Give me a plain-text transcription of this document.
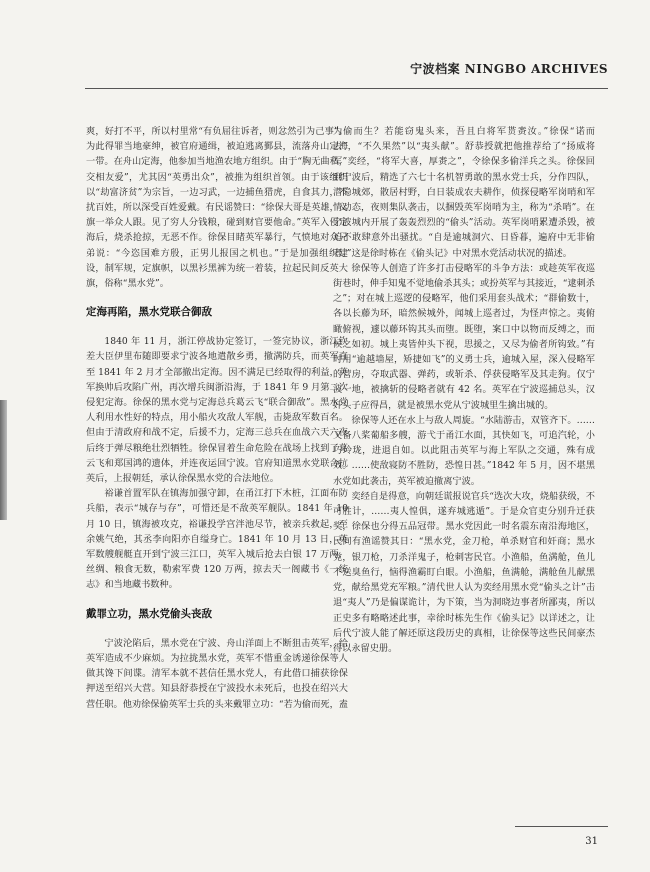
宁波档案 NINGBO ARCHIVES

爽，好打不平，所以村里常“有负屈往诉者，则忿然引为己事”。为此得罪当地豪绅，被官府通缉，被迫逃离鄞县，流落舟山定海一带。在舟山定海，他参加当地渔农地方组织。由于“胸无曲私，交相友爱”，尤其因“英勇出众”，被推为组织首领。由于该组织以“劫富济贫”为宗旨，一边习武，一边捕鱼猎虎，自食其力，不扰百姓，所以深受百姓爱戴。有民谣赞曰：“徐保大哥是英雄，义旗一举众人跟。见了穷人分钱粮，碰到财官要他命。”英军入侵定海后，烧杀抢掠，无恶不作。徐保目睹英军暴行，气愤地对众兄弟说：“今恣国难方殷，正男儿报国之机也。”于是加强组织建设，制军规，定旗帜，以黑衫黑裤为统一着装，拉起民间反英大旗，俗称“黑水党”。

定海再陷，黑水党联合御敌

1840 年 11 月，浙江停战协定签订，一签完协议，浙江钦差大臣伊里布随即要求宁波各地遣散乡勇，撤满防兵，而英军直至 1841 年 2 月才全部撤出定海。因不满足已经取得的利益，英军换帅后攻陷广州，再次增兵闽浙沿海，于 1841 年 9 月第二次侵犯定海。徐保的黑水党与定海总兵葛云飞“联合御敌”。黑水党人利用水性好的特点，用小船火攻敌人军舰，击毙敌军数百名。但由于清政府和战不定，后援不力，定海三总兵在血战六天六夜后终于弹尽粮绝壮烈牺牲。徐保冒着生命危险在战场上找到了葛云飞和郑国鸿的遗体，并连夜运回宁波。官府知道黑水党联合抗英后，上报朝廷，承认徐保黑水党的合法地位。

裕谦首置军队在镇海加强守卸，在甬江打下木桩，江面布防兵船，表示“城存与存”，可惜还是不敌英军舰队。1841 年 10 月 10 日，镇海被攻克，裕谦投学宫泮池尽节，被亲兵救起，至余姚气绝，其丞李向阳亦自缢身亡。1841 年 10 月 13 日，英军数艘舰艇直开到宁波三江口，英军入城后抢去白银 17 万两，丝绸、粮食无数，勒索军费 120 万两，掠去天一阁藏书《一统志》和当地藏书数种。

戴罪立功，黑水党偷头丧敌

宁波沦陷后，黑水党在宁波、舟山洋面上不断狙击英军，给英军造成不少麻烦。为拉拢黑水党，英军不惜重金诱递徐保等人做其馋下间谍。清军本就不甚信任黑水党人，有此借口捕获徐保押送至绍兴大营。知县舒恭授在宁波投水未死后，也投在绍兴大营任职。他劝徐保偷英军士兵的头来戴罪立功：“若为偷而死，盍

为偷而生？若能窃鬼头来，吾且白将军贳赉汝。”徐保“诺而去”，“不久果然”以“夷头献”。舒恭授就把他推荐给了“扬威将军”奕经，“将军大喜，厚赉之”，令徐保多偷洋兵之头。徐保回到宁波后，精选了六七十名机智勇敢的黑水党士兵，分作四队，潜隐城郊，散居村野，白日装成农夫耕作，侦探侵略军岗哨和军情动态，夜则集队袭击，以捆毁英军岗哨为主，称为“杀哨”。在宁波城内开展了轰轰烈烈的“偷头”活动。英军岗哨累遭杀毁，被迫不敢肆意外出骚扰。“自是逾城洞穴、日昏暮，遍府中无非偷者。”这是徐时栋在《偷头记》中对黑水党活动状况的描述。

徐保等人创造了许多打击侵略军的斗争方法：或趁英军夜巡街巷时，伸手知鬼不觉地偷杀其头；或扮英军与其接近，“逮刺杀之”；对在城上巡逻的侵略军，他们采用套头战术；“群偷数十，各以长藤为环，暗然候城外，闻城上巡者过，为怪声惊之。夷俯瞰俯视，遽以藤环钩其头而堕。既堕，案口中以物而反缚之，而候之如初。城上夷皆仲头下视，思援之，又尽为偷者所钩致。”有时用“逾越墙屋，矫捷如飞”的义勇士兵，逾城入屋，深入侵略军的营房，夺取武器、弹药，或斩杀、俘获侵略军及其走狗。仅宁波一地，被擒斩的侵略者就有 42 名。英军在宁波巡捕总头，汉奸头子应得昌，就是被黑水党从宁波城里生擒出城的。

徐保等人还在水上与敌人周旋。“水陆游击，双管齐下。……又备八桨葡船多艘，游弋于甬江水面，其快如飞，可追汽轮，小巧玲珑，进退自如。以此阻击英军与海上军队之交通，殊有成效。……使敌寝防不胜防，恐惶日甚。”1842 年 5 月，因不堪黑水党如此袭击，英军被迫撤离宁波。

奕经自是得意，向朝廷谎报说官兵“选次大攻，烧船获级，不可胜计，……夷人惶俱，遂弃城逃遁”。于是众官吏分别升迁获奖，徐保也分得五品冠带。黑水党因此一时名震东南沿海地区，民间有渔谣赞其日：“黑水党，金刀枪，单杀财官和奸商；黑水党，银刀枪，刀杀洋鬼子，枪刺害民官。小渔船，鱼满舱，鱼儿不送臭鱼行，恼得渔霸盯白眼。小渔船，鱼满舱，满舱鱼儿献黑党，献给黑党充军粮。”清代世人认为奕经用黑水党“偷头之计”击退“夷人”乃是偏谋诡计，为下策，当为洞晓边事者所鄙夷，所以正史多有略略述此事，幸徐时栋先生作《偷头记》以详述之，让后代宁波人能了解还原这段历史的真相，让徐保等这些民间豪杰得以永留史册。

31
